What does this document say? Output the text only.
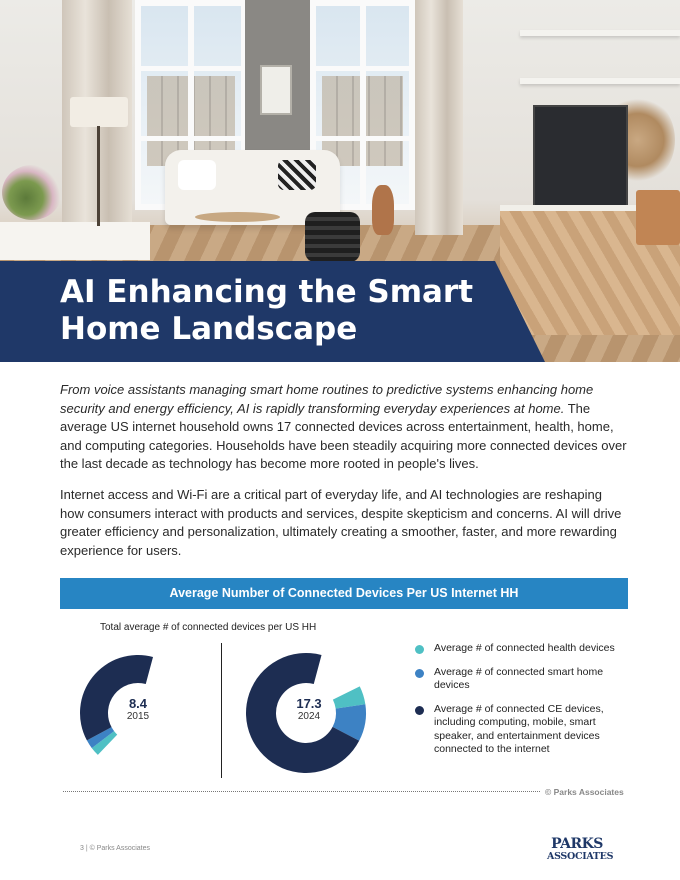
AI Enhancing the Smart Home Landscape

From voice assistants managing smart home routines to predictive systems enhancing home security and energy efficiency, AI is rapidly transforming everyday experiences at home. The average US internet household owns 17 connected devices across entertainment, health, home, and computing categories. Households have been steadily acquiring more connected devices over the last decade as technology has become more rooted in people's lives.

Internet access and Wi-Fi are a critical part of everyday life, and AI technologies are reshaping how consumers interact with products and services, despite skepticism and concerns. AI will drive greater efficiency and personalization, ultimately creating a smoother, faster, and more rewarding experience for users.

Average Number of Connected Devices Per US Internet HH
Total average # of connected devices per US HH
8.4
2015
17.3
2024
Average # of connected health devices
Average # of connected smart home devices
Average # of connected CE devices, including computing, mobile, smart speaker, and entertainment devices connected to the internet
© Parks Associates
3 | © Parks Associates	PARKS
ASSOCIATES
